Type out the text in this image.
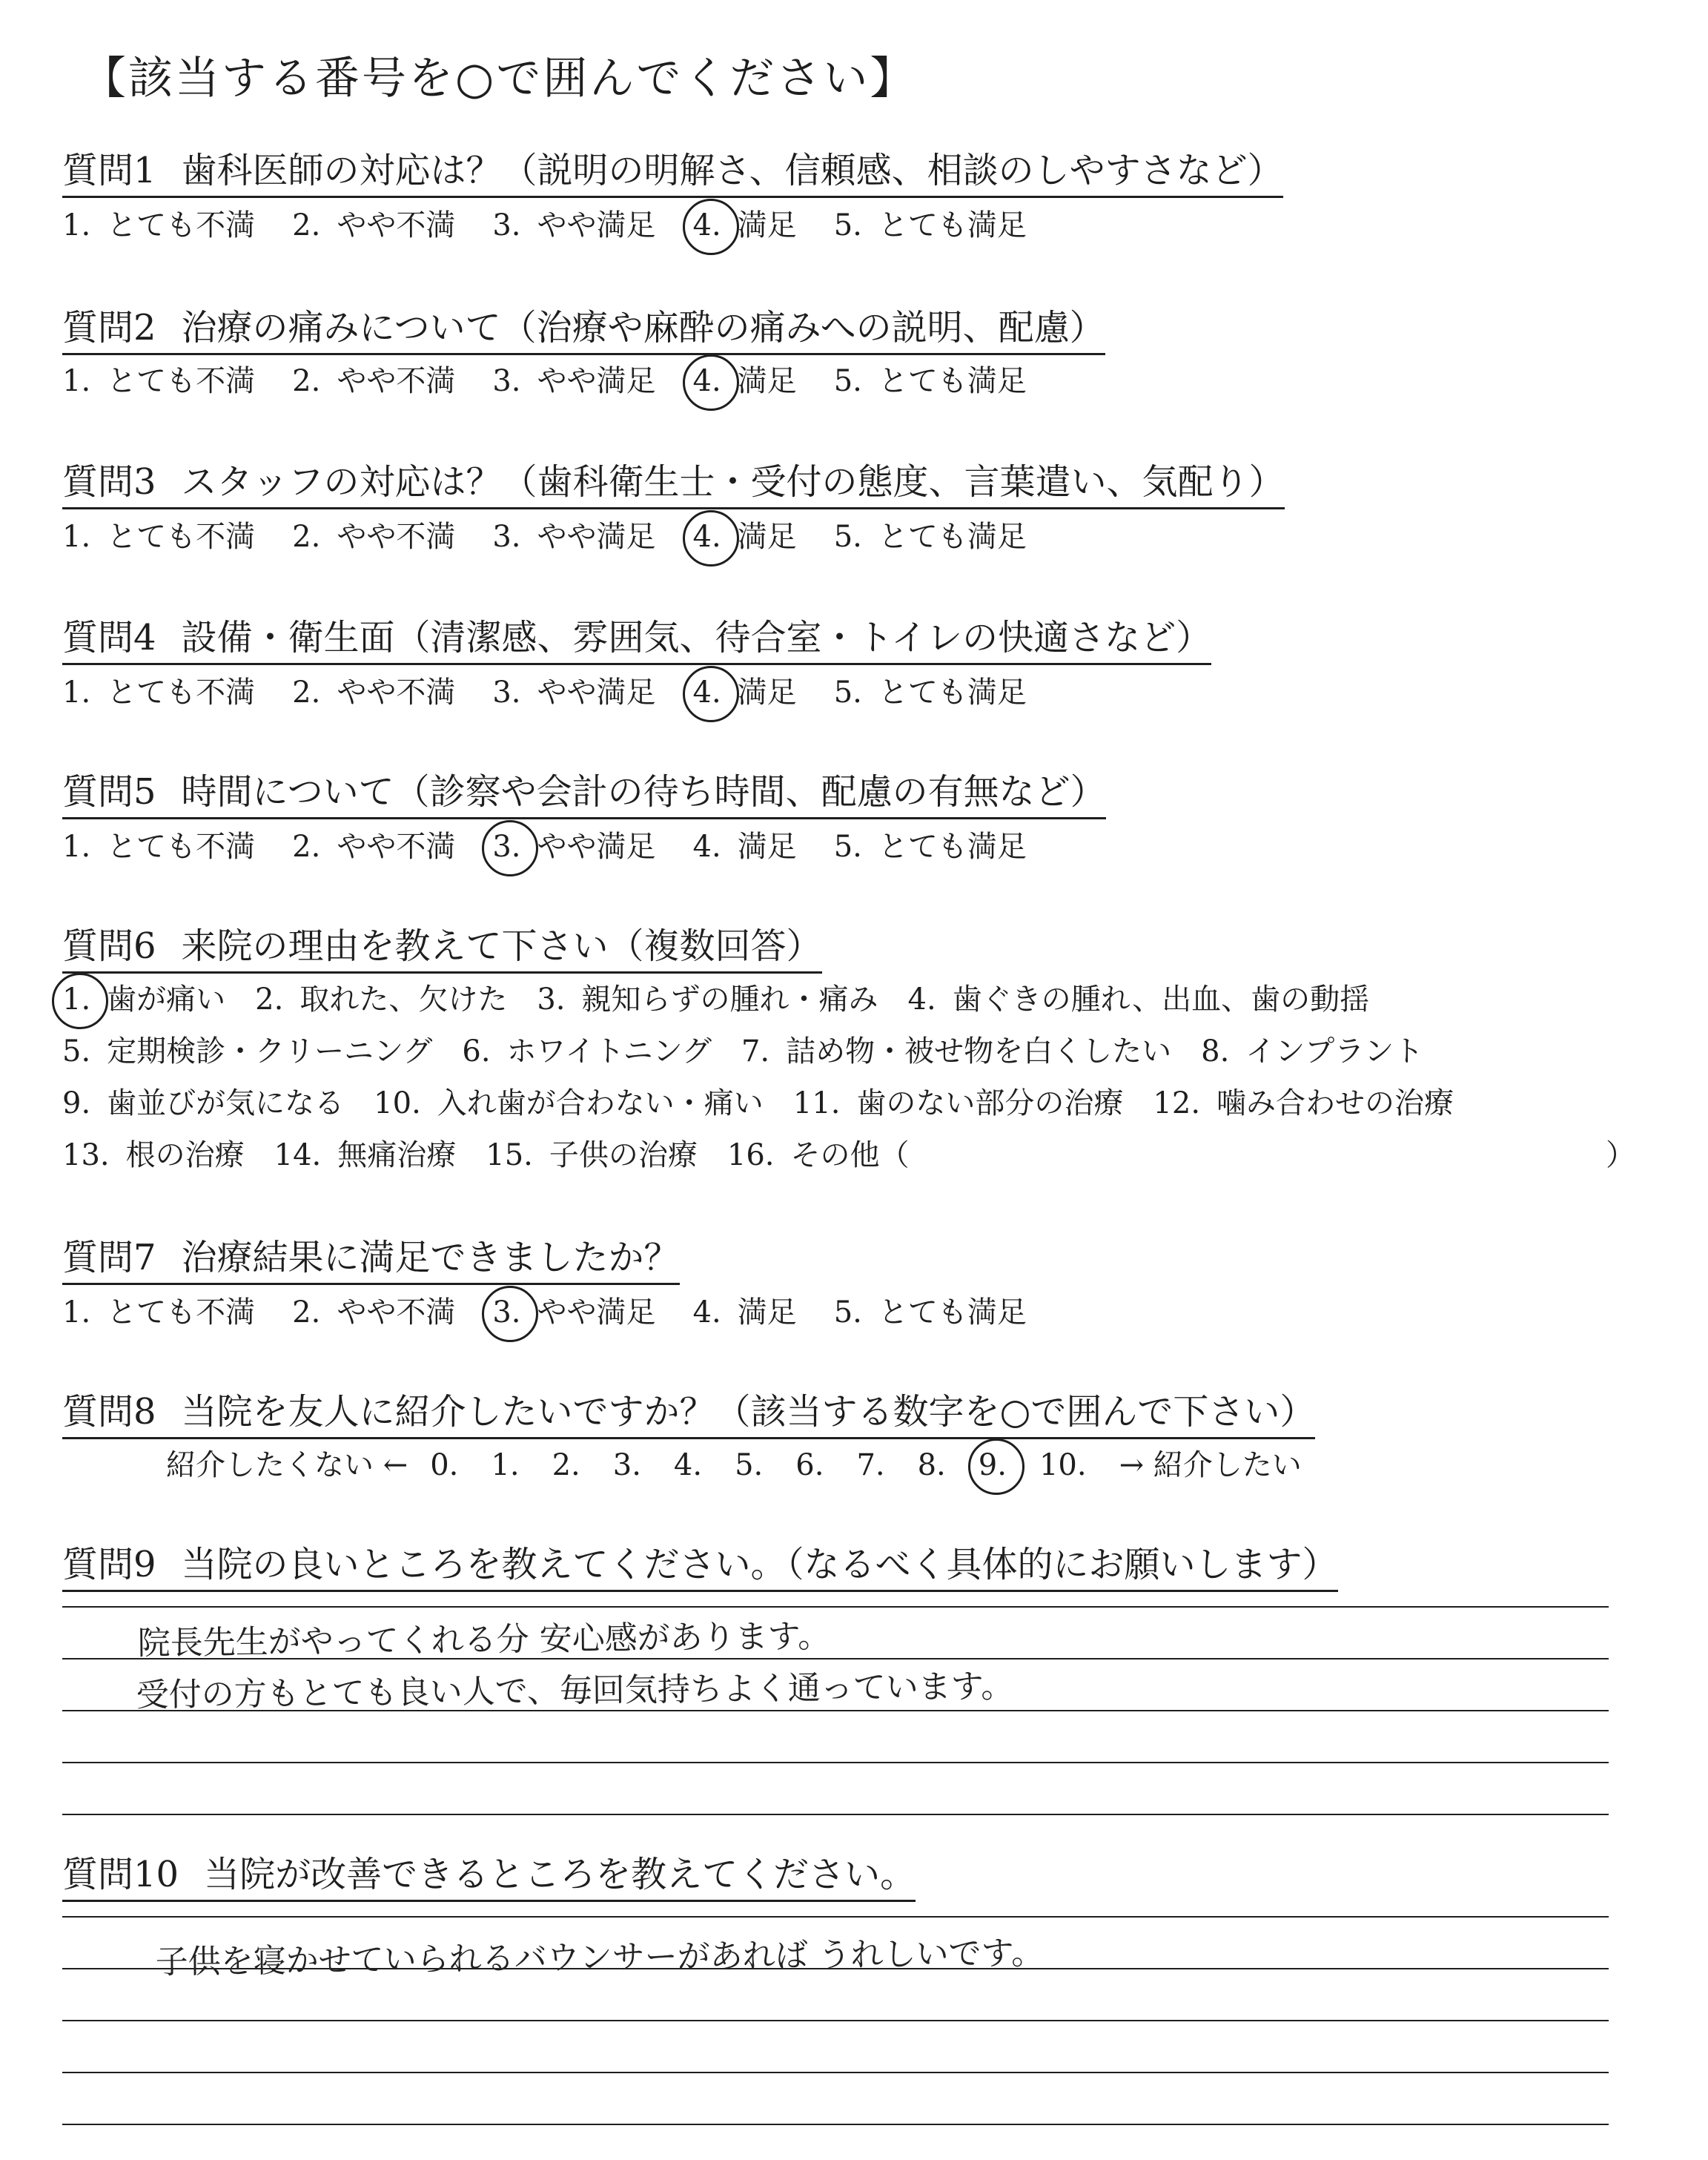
【該当する番号を○で囲んでください】
質問1 歯科医師の対応は？（説明の明解さ、信頼感、相談のしやすさなど）
1. とても不満 2. やや不満 3. やや満足 4. 満足 5. とても満足
質問2 治療の痛みについて（治療や麻酔の痛みへの説明、配慮）
1. とても不満 2. やや不満 3. やや満足 4. 満足 5. とても満足
質問3 スタッフの対応は？（歯科衛生士・受付の態度、言葉遣い、気配り）
1. とても不満 2. やや不満 3. やや満足 4. 満足 5. とても満足
質問4 設備・衛生面（清潔感、雰囲気、待合室・トイレの快適さなど）
1. とても不満 2. やや不満 3. やや満足 4. 満足 5. とても満足
質問5 時間について（診察や会計の待ち時間、配慮の有無など）
1. とても不満 2. やや不満 3. やや満足 4. 満足 5. とても満足
質問6 来院の理由を教えて下さい（複数回答）
1. 歯が痛い 2. 取れた、欠けた 3. 親知らずの腫れ・痛み 4. 歯ぐきの腫れ、出血、歯の動揺
5. 定期検診・クリーニング 6. ホワイトニング 7. 詰め物・被せ物を白くしたい 8. インプラント
9. 歯並びが気になる 10. 入れ歯が合わない・痛い 11. 歯のない部分の治療 12. 噛み合わせの治療
13. 根の治療 14. 無痛治療 15. 子供の治療 16. その他（	）
質問7 治療結果に満足できましたか？
1. とても不満 2. やや不満 3. やや満足 4. 満足 5. とても満足
質問8 当院を友人に紹介したいですか？（該当する数字を○で囲んで下さい）
紹介したくない ← 0. 1. 2. 3. 4. 5. 6. 7. 8. 9. 10. → 紹介したい
質問9 当院の良いところを教えてください。（なるべく具体的にお願いします）
院長先生がやってくれる分 安心感があります。
受付の方もとても良い人で、毎回気持ちよく通っています。
質問10 当院が改善できるところを教えてください。
子供を寝かせていられるバウンサーがあれば うれしいです。
